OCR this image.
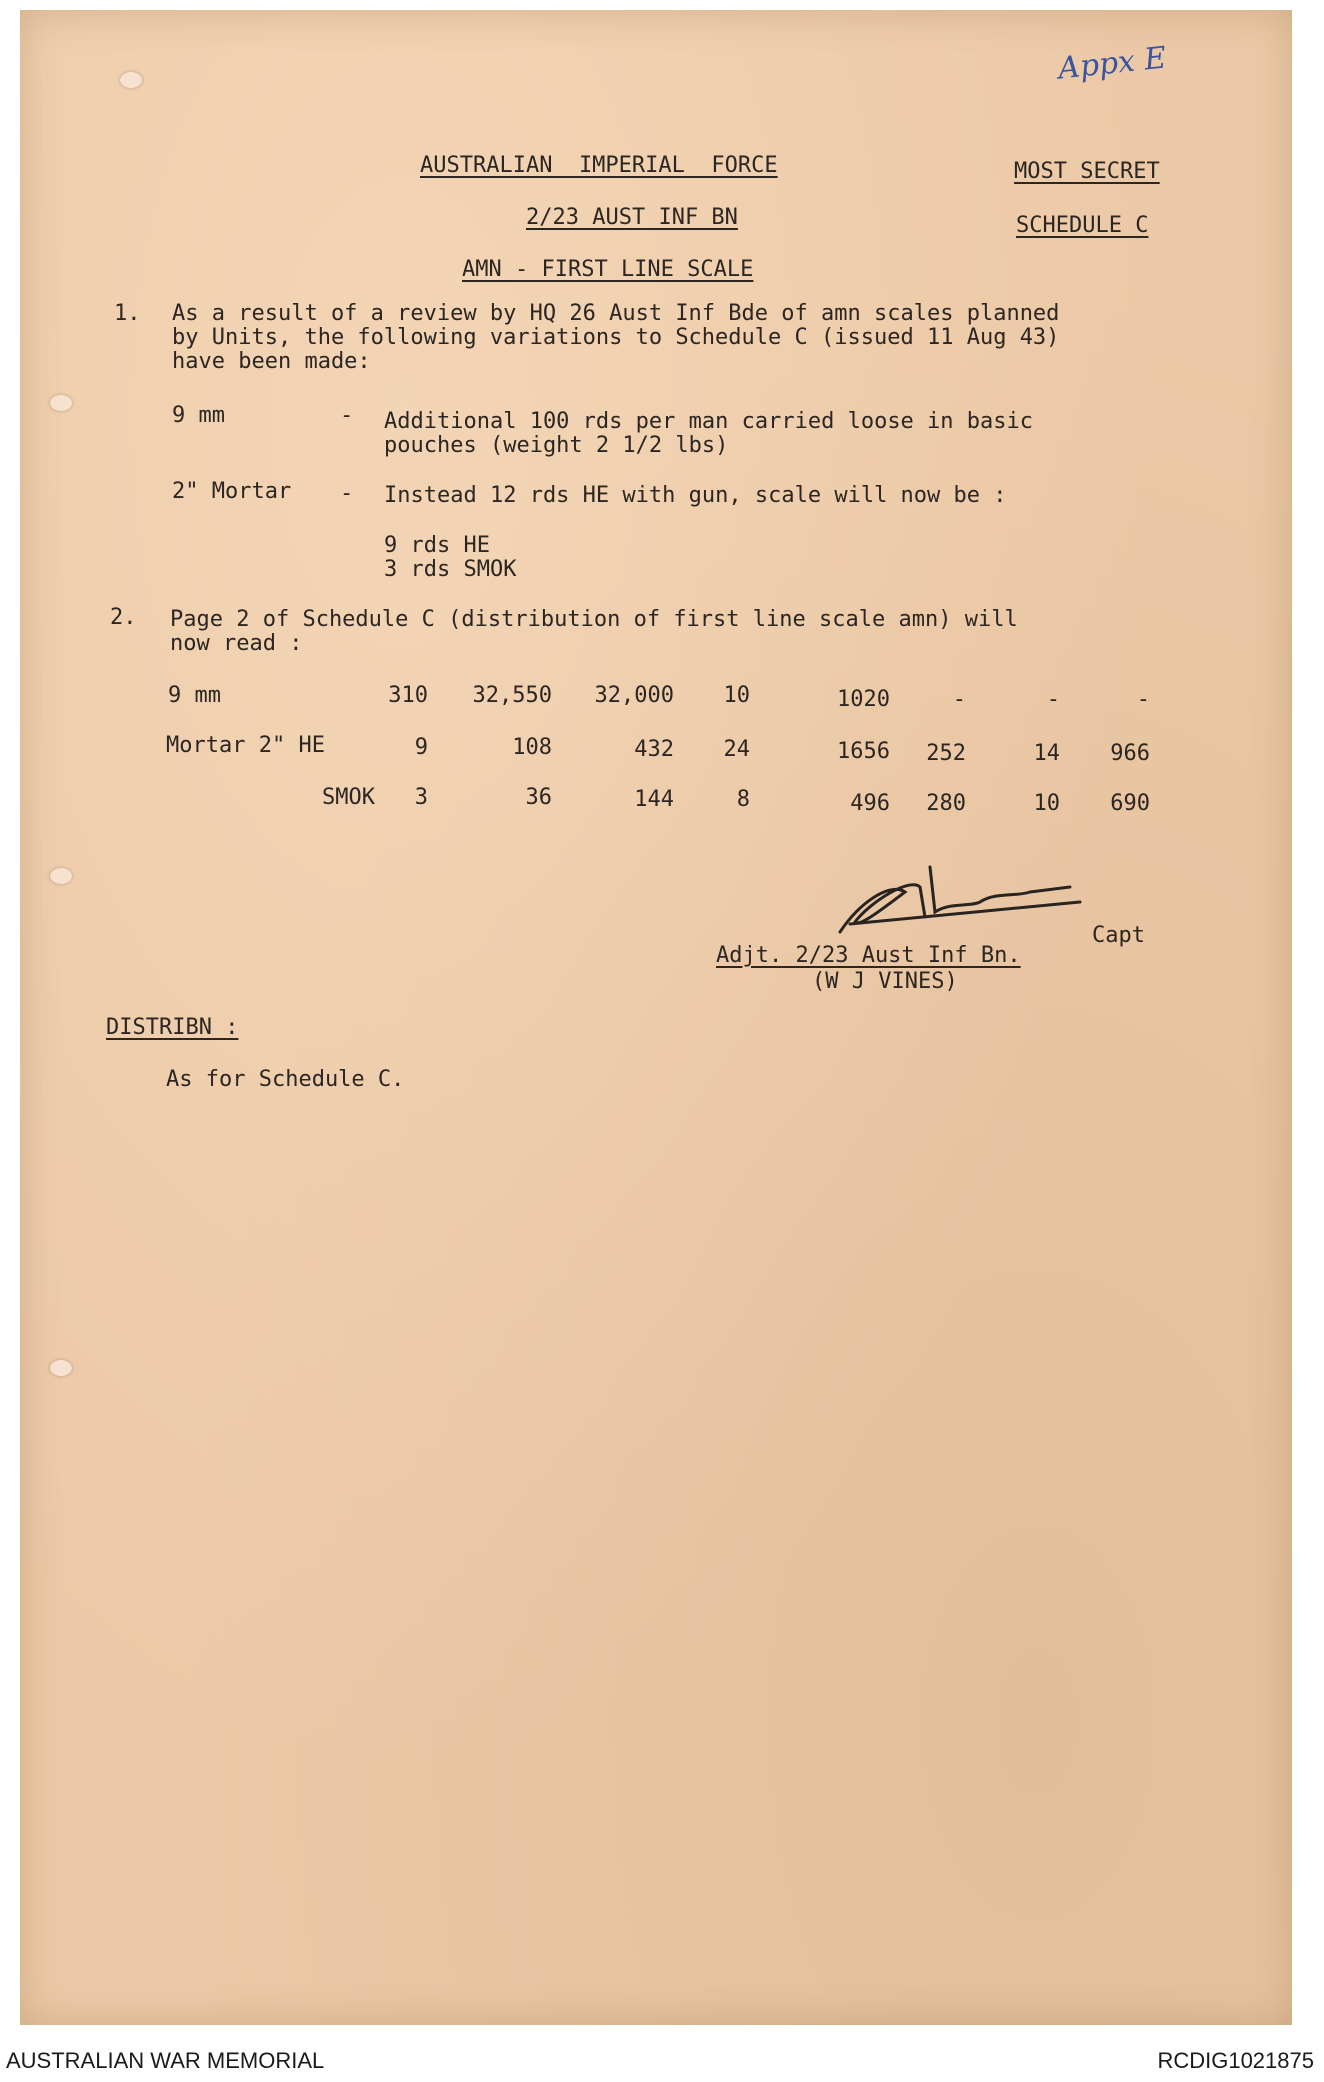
Appx E
AUSTRALIAN  IMPERIAL  FORCE
2/23 AUST INF BN
AMN - FIRST LINE SCALE
MOST SECRET
SCHEDULE C
1. As a result of a review by HQ 26 Aust Inf Bde of amn scales planned
by Units, the following variations to Schedule C (issued 11 Aug 43)
have been made:
9 mm	- Additional 100 rds per man carried loose in basic
pouches (weight 2 1/2 lbs)
2" Mortar - Instead 12 rds HE with gun, scale will now be :
9 rds HE
3 rds SMOK
2. Page 2 of Schedule C (distribution of first line scale amn) will
now read :
9 mm	310	32,550	32,000	10	1020	-	-	-
Mortar 2" HE	9	108	432	24	1656	252	14	966
SMOK	3	36	144	8	496	280	10	690
Capt
Adjt. 2/23 Aust Inf Bn.
(W J VINES)
DISTRIBN :
As for Schedule C.
AUSTRALIAN WAR MEMORIAL	RCDIG1021875
